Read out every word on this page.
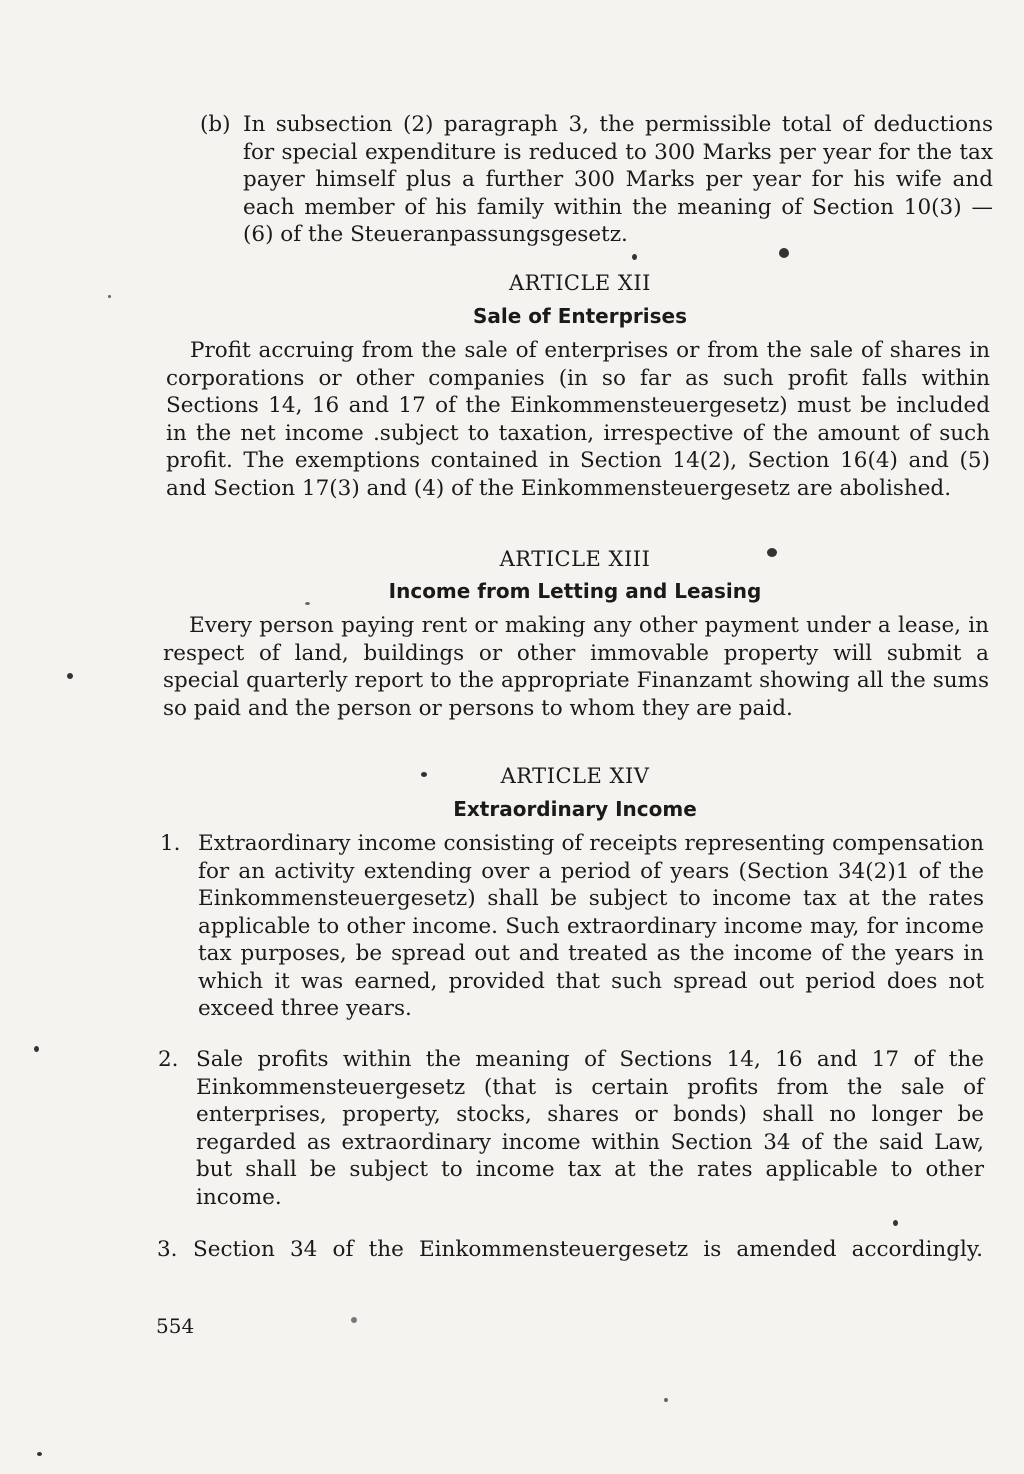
(b) In subsection (2) paragraph 3, the permissible total of deductions for special expenditure is reduced to 300 Marks per year for the tax payer himself plus a further 300 Marks per year for his wife and each member of his family within the meaning of Section 10(3) — (6) of the Steueranpassungsgesetz.
ARTICLE XII
Sale of Enterprises
Profit accruing from the sale of enterprises or from the sale of shares in corporations or other companies (in so far as such profit falls within Sections 14, 16 and 17 of the Einkommensteuergesetz) must be included in the net income .subject to taxation, irrespective of the amount of such profit. The exemptions contained in Section 14(2), Section 16(4) and (5) and Section 17(3) and (4) of the Einkommensteuergesetz are abolished.
ARTICLE XIII
Income from Letting and Leasing
Every person paying rent or making any other payment under a lease, in respect of land, buildings or other immovable property will submit a special quarterly report to the appropriate Finanzamt showing all the sums so paid and the person or persons to whom they are paid.
ARTICLE XIV
Extraordinary Income
1. Extraordinary income consisting of receipts representing compensation for an activity extending over a period of years (Section 34(2)1 of the Einkommensteuergesetz) shall be subject to income tax at the rates applicable to other income. Such extraordinary income may, for income tax purposes, be spread out and treated as the income of the years in which it was earned, provided that such spread out period does not exceed three years.
2. Sale profits within the meaning of Sections 14, 16 and 17 of the Einkommensteuergesetz (that is certain profits from the sale of enterprises, property, stocks, shares or bonds) shall no longer be regarded as extraordinary income within Section 34 of the said Law, but shall be subject to income tax at the rates applicable to other income.
3. Section 34 of the Einkommensteuergesetz is amended accordingly.
554
